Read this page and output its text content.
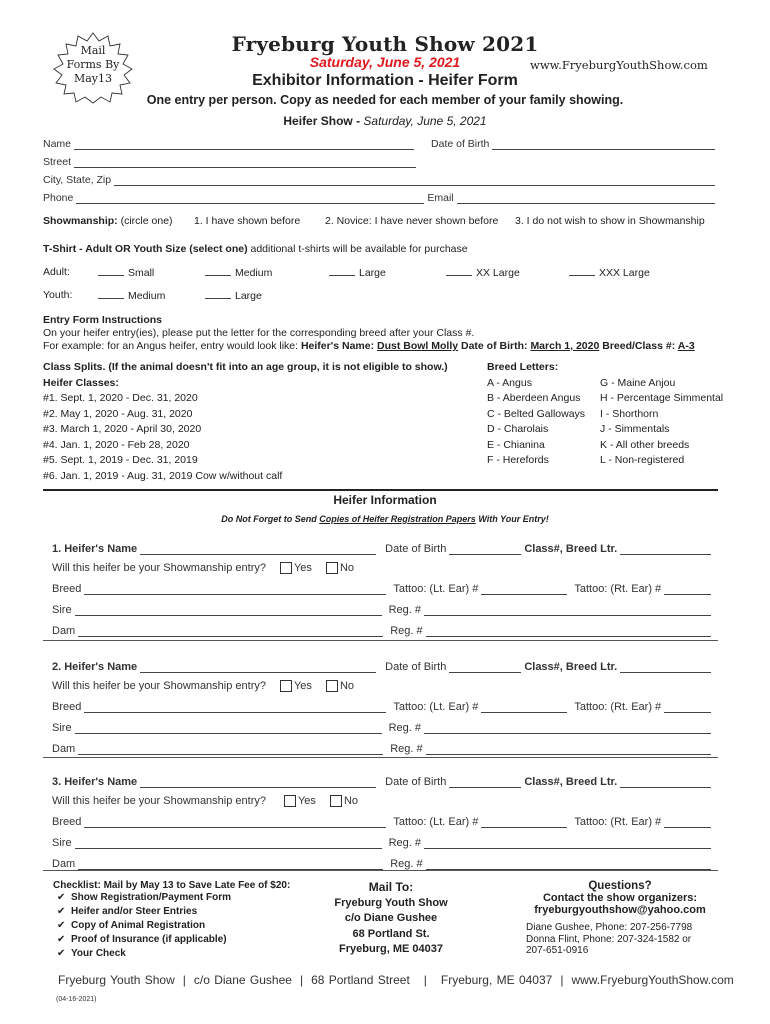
Mail
Forms By
May13
Fryeburg Youth Show 2021
Saturday, June 5, 2021	www.FryeburgYouthShow.com
Exhibitor Information - Heifer Form
One entry per person. Copy as needed for each member of your family showing.
Heifer Show - Saturday, June 5, 2021
Name	Date of Birth
Street
City, State, Zip
Phone	Email
Showmanship: (circle one) 1. I have shown before 2. Novice: I have never shown before 3. I do not wish to show in Showmanship
T-Shirt - Adult OR Youth Size (select one) additional t-shirts will be available for purchase
Adult:	Small	Medium	Large	XX Large	XXX Large
Youth:	Medium	Large
Entry Form Instructions
On your heifer entry(ies), please put the letter for the corresponding breed after your Class #.
For example: for an Angus heifer, entry would look like: Heifer's Name: Dust Bowl Molly Date of Birth: March 1, 2020 Breed/Class #: A-3
Class Splits. (If the animal doesn't fit into an age group, it is not eligible to show.)
Heifer Classes:
#1. Sept. 1, 2020 - Dec. 31, 2020
#2. May 1, 2020 - Aug. 31, 2020
#3. March 1, 2020 - April 30, 2020
#4. Jan. 1, 2020 - Feb 28, 2020
#5. Sept. 1, 2019 - Dec. 31, 2019
#6. Jan. 1, 2019 - Aug. 31, 2019 Cow w/without calf
Breed Letters:
A - Angus
B - Aberdeen Angus
C - Belted Galloways
D - Charolais
E - Chianina
F - Herefords
G - Maine Anjou
H - Percentage Simmental
I - Shorthorn
J - Simmentals
K - All other breeds
L - Non-registered
Heifer Information
Do Not Forget to Send Copies of Heifer Registration Papers With Your Entry!
1. Heifer's Name	Date of Birth	Class#, Breed Ltr.
Will this heifer be your Showmanship entry?	Yes	No
Breed	Tattoo: (Lt. Ear) #	Tattoo: (Rt. Ear) #
Sire	Reg. #
Dam	Reg. #
2. Heifer's Name	Date of Birth	Class#, Breed Ltr.
Will this heifer be your Showmanship entry?	Yes	No
Breed	Tattoo: (Lt. Ear) #	Tattoo: (Rt. Ear) #
Sire	Reg. #
Dam	Reg. #
3. Heifer's Name	Date of Birth	Class#, Breed Ltr.
Will this heifer be your Showmanship entry?	Yes	No
Breed	Tattoo: (Lt. Ear) #	Tattoo: (Rt. Ear) #
Sire	Reg. #
Dam	Reg. #
Checklist: Mail by May 13 to Save Late Fee of $20:
✔ Show Registration/Payment Form
✔ Heifer and/or Steer Entries
✔ Copy of Animal Registration
✔ Proof of Insurance (if applicable)
✔ Your Check
Mail To:
Fryeburg Youth Show
c/o Diane Gushee
68 Portland St.
Fryeburg, ME 04037
Questions?
Contact the show organizers:
fryeburgyouthshow@yahoo.com
Diane Gushee, Phone: 207-256-7798
Donna Flint, Phone: 207-324-1582 or
207-651-0916
Fryeburg Youth Show | c/o Diane Gushee | 68 Portland Street | Fryeburg, ME 04037 | www.FryeburgYouthShow.com
(04-16-2021)
